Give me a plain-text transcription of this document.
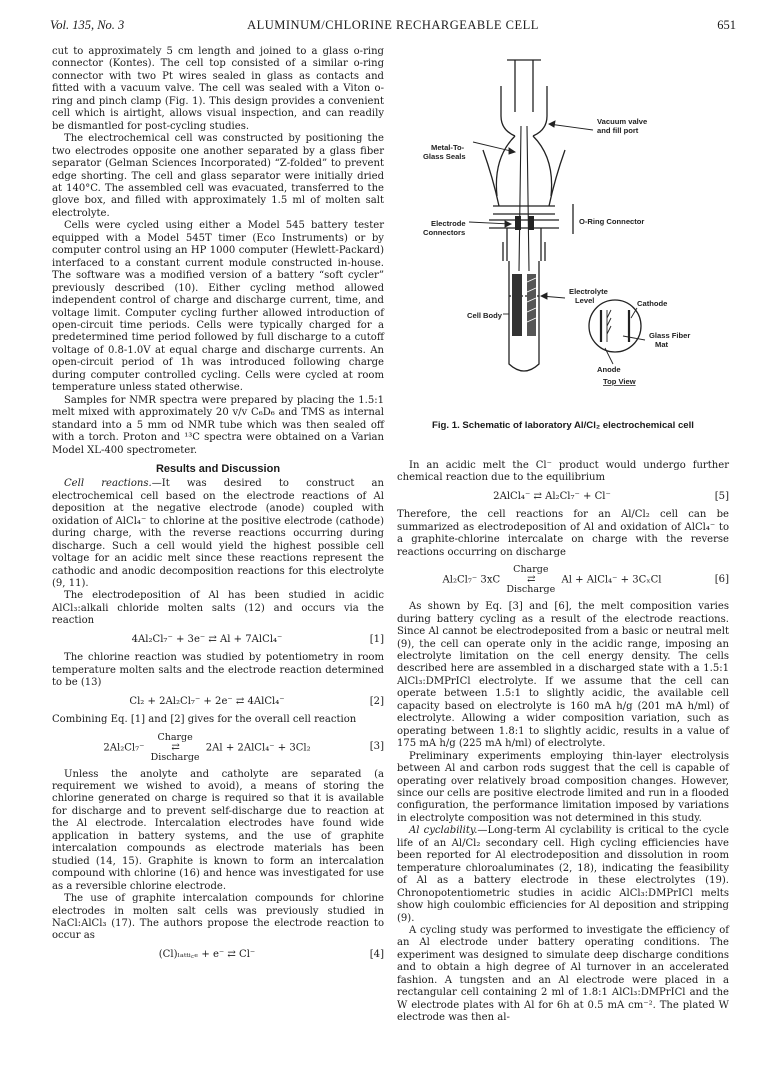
Vol. 135, No. 3	ALUMINUM/CHLORINE RECHARGEABLE CELL	651

cut to approximately 5 cm length and joined to a glass o-ring connector (Kontes). The cell top consisted of a similar o-ring connector with two Pt wires sealed in glass as contacts and fitted with a vacuum valve. The cell was sealed with a Viton o-ring and pinch clamp (Fig. 1). This design provides a convenient cell which is airtight, allows visual inspection, and can readily be dismantled for post-cycling studies.

The electrochemical cell was constructed by positioning the two electrodes opposite one another separated by a glass fiber separator (Gelman Sciences Incorporated) “Z-folded” to prevent edge shorting. The cell and glass separator were initially dried at 140°C. The assembled cell was evacuated, transferred to the glove box, and filled with approximately 1.5 ml of molten salt electrolyte.

Cells were cycled using either a Model 545 battery tester equipped with a Model 545T timer (Eco Instruments) or by computer control using an HP 1000 computer (Hewlett-Packard) interfaced to a constant current module constructed in-house. The software was a modified version of a battery “soft cycler” previously described (10). Either cycling method allowed independent control of charge and discharge current, time, and voltage limit. Computer cycling further allowed introduction of open-circuit time periods. Cells were typically charged for a predetermined time period followed by full discharge to a cutoff voltage of 0.8-1.0V at equal charge and discharge currents. An open-circuit period of 1h was introduced following charge during computer controlled cycling. Cells were cycled at room temperature unless stated otherwise.

Samples for NMR spectra were prepared by placing the 1.5:1 melt mixed with approximately 20 v/v C₆D₆ and TMS as internal standard into a 5 mm od NMR tube which was then sealed off with a torch. Proton and ¹³C spectra were obtained on a Varian Model XL-400 spectrometer.

Results and Discussion

Cell reactions.—It was desired to construct an electrochemical cell based on the electrode reactions of Al deposition at the negative electrode (anode) coupled with oxidation of AlCl₄⁻ to chlorine at the positive electrode (cathode) during charge, with the reverse reactions occurring during discharge. Such a cell would yield the highest possible cell voltage for an acidic melt since these reactions represent the cathodic and anodic decomposition reactions for this electrolyte (9, 11).

The electrodeposition of Al has been studied in acidic AlCl₃:alkali chloride molten salts (12) and occurs via the reaction

4Al₂Cl₇⁻ + 3e⁻ ⇄ Al + 7AlCl₄⁻	[1]

The chlorine reaction was studied by potentiometry in room temperature molten salts and the electrode reaction determined to be (13)

Cl₂ + 2Al₂Cl₇⁻ + 2e⁻ ⇄ 4AlCl₄⁻	[2]

Combining Eq. [1] and [2] gives for the overall cell reaction

2Al₂Cl₇⁻
Charge
⇄
Discharge
2Al + 2AlCl₄⁻ + 3Cl₂	[3]

Unless the anolyte and catholyte are separated (a requirement we wished to avoid), a means of storing the chlorine generated on charge is required so that it is available for discharge and to prevent self-discharge due to reaction at the Al electrode. Intercalation electrodes have found wide application in battery systems, and the use of graphite intercalation compounds as electrode materials has been studied (14, 15). Graphite is known to form an intercalation compound with chlorine (16) and hence was investigated for use as a reversible chlorine electrode.

The use of graphite intercalation compounds for chlorine electrodes in molten salt cells was previously studied in NaCl:AlCl₃ (17). The authors propose the electrode reaction to occur as

(Cl)ₗₐₜₜᵢ꜀ₑ + e⁻ ⇄ Cl⁻	[4]
Vacuum valve
and fill port
Metal-To-
Glass Seals
Electrode
Connectors
O-Ring Connector
Electrolyte
Level	Cathode
Cell Body
Glass Fiber
Mat
Anode
Top View
Fig. 1. Schematic of laboratory Al/Cl₂ electrochemical cell

In an acidic melt the Cl⁻ product would undergo further chemical reaction due to the equilibrium

2AlCl₄⁻ ⇄ Al₂Cl₇⁻ + Cl⁻	[5]

Therefore, the cell reactions for an Al/Cl₂ cell can be summarized as electrodeposition of Al and oxidation of AlCl₄⁻ to a graphite-chlorine intercalate on charge with the reverse reactions occurring on discharge

Al₂Cl₇⁻ 3xC
Charge
⇄
Discharge
Al + AlCl₄⁻ + 3CₓCl	[6]

As shown by Eq. [3] and [6], the melt composition varies during battery cycling as a result of the electrode reactions. Since Al cannot be electrodeposited from a basic or neutral melt (9), the cell can operate only in the acidic range, imposing an electrolyte limitation on the cell energy density. The cells described here are assembled in a discharged state with a 1.5:1 AlCl₃:DMPrICl electrolyte. If we assume that the cell can operate between 1.5:1 to slightly acidic, the available cell capacity based on electrolyte is 160 mA h/g (201 mA h/ml) of electrolyte. Allowing a wider composition variation, such as operating between 1.8:1 to slightly acidic, results in a value of 175 mA h/g (225 mA h/ml) of electrolyte.

Preliminary experiments employing thin-layer electrolysis between Al and carbon rods suggest that the cell is capable of operating over relatively broad composition changes. However, since our cells are positive electrode limited and run in a flooded configuration, the performance limitation imposed by variations in electrolyte composition was not determined in this study.

Al cyclability.—Long-term Al cyclability is critical to the cycle life of an Al/Cl₂ secondary cell. High cycling efficiencies have been reported for Al electrodeposition and dissolution in room temperature chloroaluminates (2, 18), indicating the feasibility of Al as a battery electrode in these electrolytes (19). Chronopotentiometric studies in acidic AlCl₃:DMPrICl melts show high coulombic efficiencies for Al deposition and stripping (9).

A cycling study was performed to investigate the efficiency of an Al electrode under battery operating conditions. The experiment was designed to simulate deep discharge conditions and to obtain a high degree of Al turnover in an accelerated fashion. A tungsten and an Al electrode were placed in a rectangular cell containing 2 ml of 1.8:1 AlCl₃:DMPrICl and the W electrode plates with Al for 6h at 0.5 mA cm⁻². The plated W electrode was then al-
